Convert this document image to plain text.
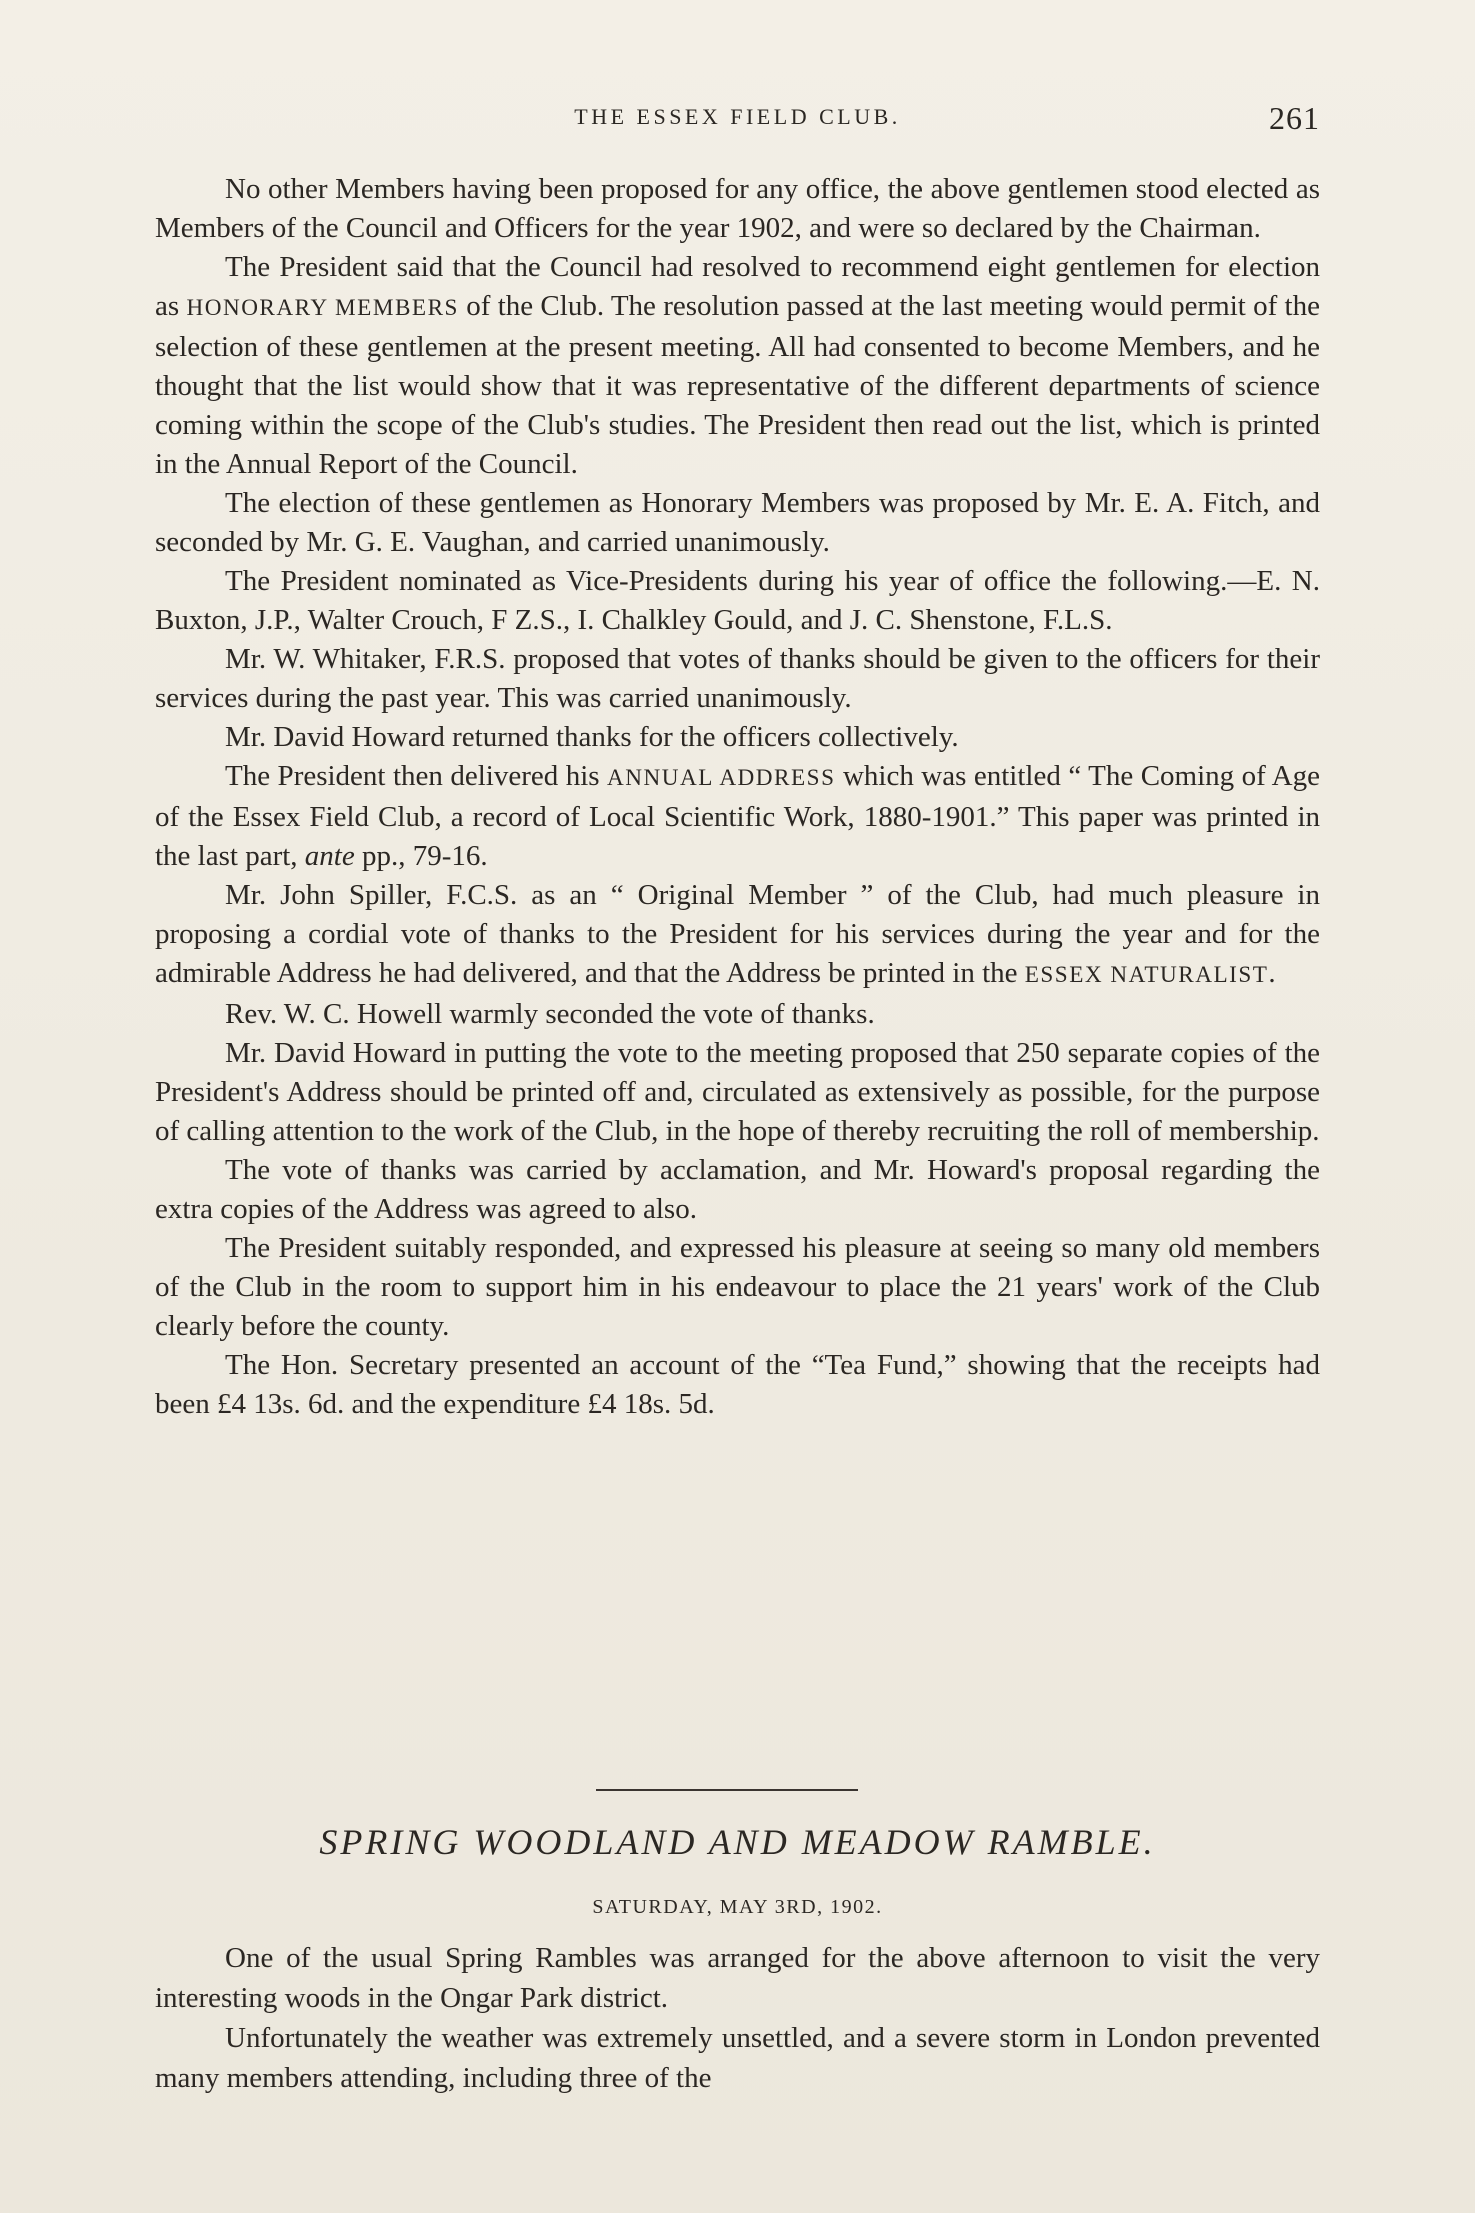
THE ESSEX FIELD CLUB.	261

No other Members having been proposed for any office, the above gentlemen stood elected as Members of the Council and Officers for the year 1902, and were so declared by the Chairman.

The President said that the Council had resolved to recommend eight gentlemen for election as HONORARY MEMBERS of the Club. The resolution passed at the last meeting would permit of the selection of these gentlemen at the present meeting. All had consented to become Members, and he thought that the list would show that it was representative of the different departments of science coming within the scope of the Club's studies. The President then read out the list, which is printed in the Annual Report of the Council.

The election of these gentlemen as Honorary Members was proposed by Mr. E. A. Fitch, and seconded by Mr. G. E. Vaughan, and carried unanimously.

The President nominated as Vice-Presidents during his year of office the following.—E. N. Buxton, J.P., Walter Crouch, F Z.S., I. Chalkley Gould, and J. C. Shenstone, F.L.S.

Mr. W. Whitaker, F.R.S. proposed that votes of thanks should be given to the officers for their services during the past year. This was carried unanimously.

Mr. David Howard returned thanks for the officers collectively.

The President then delivered his ANNUAL ADDRESS which was entitled “ The Coming of Age of the Essex Field Club, a record of Local Scientific Work, 1880-1901.” This paper was printed in the last part, ante pp., 79-16.

Mr. John Spiller, F.C.S. as an “ Original Member ” of the Club, had much pleasure in proposing a cordial vote of thanks to the President for his services during the year and for the admirable Address he had delivered, and that the Address be printed in the ESSEX NATURALIST.

Rev. W. C. Howell warmly seconded the vote of thanks.

Mr. David Howard in putting the vote to the meeting proposed that 250 separate copies of the President's Address should be printed off and, circulated as extensively as possible, for the purpose of calling attention to the work of the Club, in the hope of thereby recruiting the roll of membership.

The vote of thanks was carried by acclamation, and Mr. Howard's proposal regarding the extra copies of the Address was agreed to also.

The President suitably responded, and expressed his pleasure at seeing so many old members of the Club in the room to support him in his endeavour to place the 21 years' work of the Club clearly before the county.

The Hon. Secretary presented an account of the “Tea Fund,” showing that the receipts had been £4 13s. 6d. and the expenditure £4 18s. 5d.

SPRING WOODLAND AND MEADOW RAMBLE.
SATURDAY, MAY 3RD, 1902.

One of the usual Spring Rambles was arranged for the above afternoon to visit the very interesting woods in the Ongar Park district.

Unfortunately the weather was extremely unsettled, and a severe storm in London prevented many members attending, including three of the
